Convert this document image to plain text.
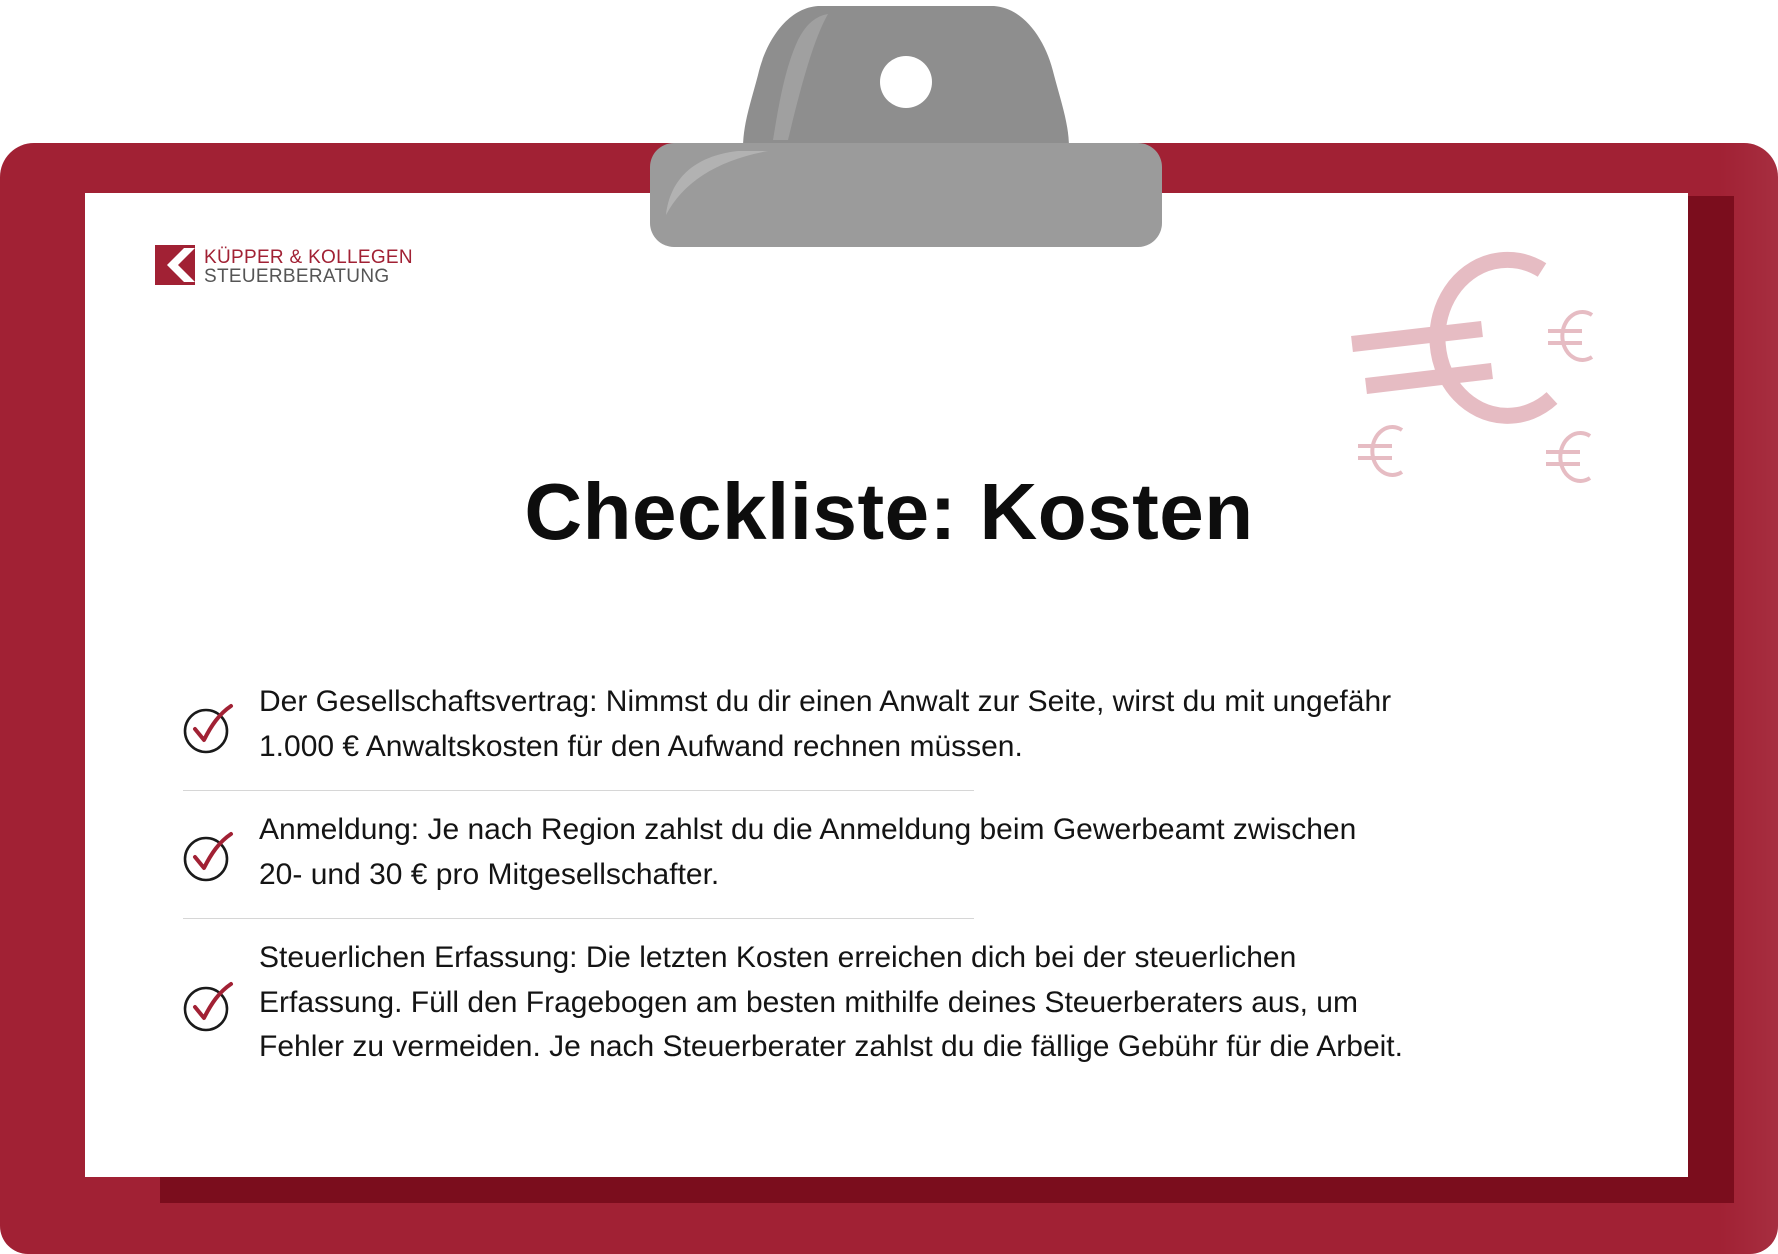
KÜPPER & KOLLEGEN
STEUERBERATUNG
Checkliste: Kosten
Der Gesellschaftsvertrag: Nimmst du dir einen Anwalt zur Seite, wirst du mit ungefähr
1.000 € Anwaltskosten für den Aufwand rechnen müssen.
Anmeldung: Je nach Region zahlst du die Anmeldung beim Gewerbeamt zwischen
20- und 30 € pro Mitgesellschafter.
Steuerlichen Erfassung: Die letzten Kosten erreichen dich bei der steuerlichen
Erfassung. Füll den Fragebogen am besten mithilfe deines Steuerberaters aus, um
Fehler zu vermeiden. Je nach Steuerberater zahlst du die fällige Gebühr für die Arbeit.
